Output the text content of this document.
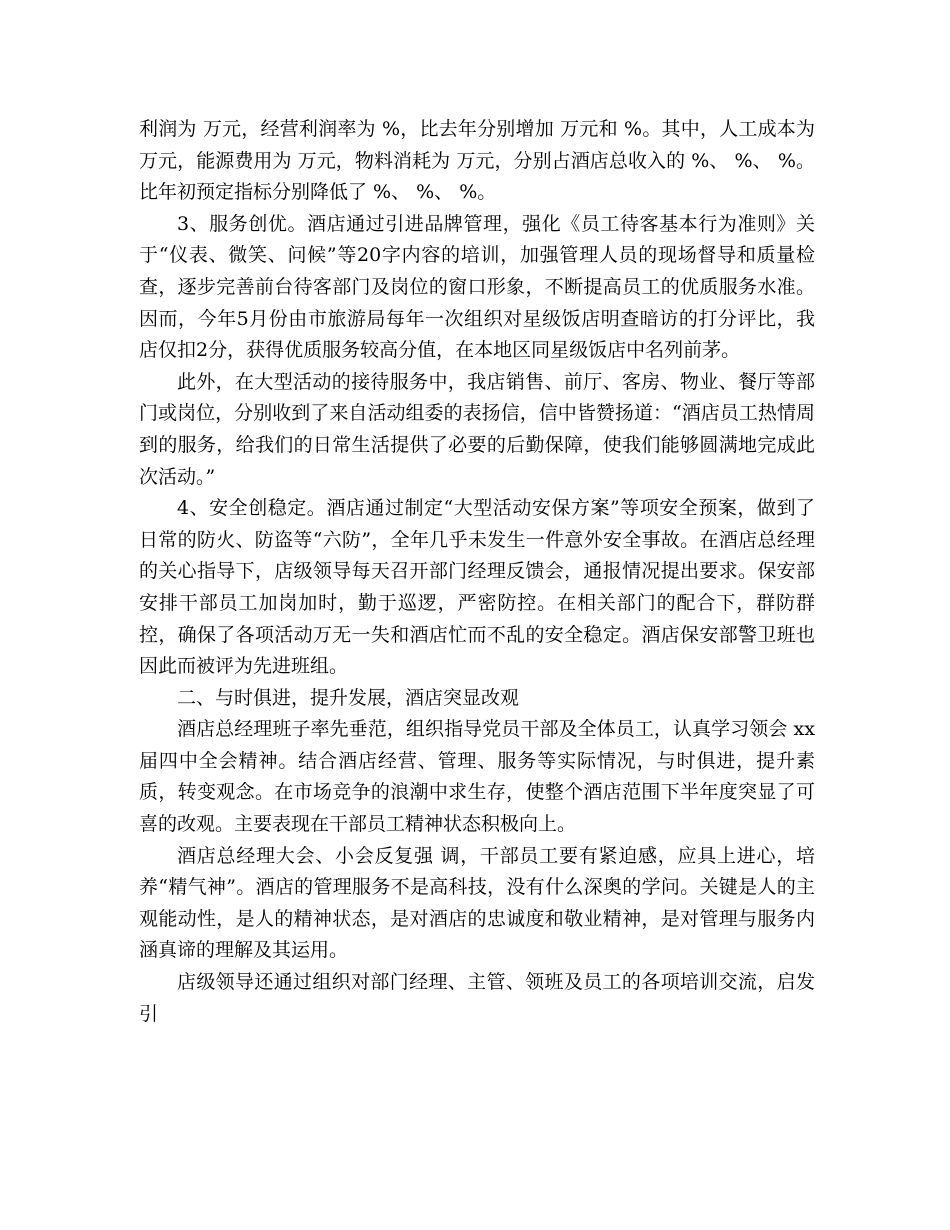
利润为 万元，经营利润率为 %，比去年分别增加 万元和 %。其中，人工成本为万元，能源费用为 万元，物料消耗为 万元，分别占酒店总收入的 %、 %、 %。比年初预定指标分别降低了 %、 %、 %。

3、服务创优。酒店通过引进品牌管理，强化《员工待客基本行为准则》关于“仪表、微笑、问候”等20字内容的培训，加强管理人员的现场督导和质量检查，逐步完善前台待客部门及岗位的窗口形象，不断提高员工的优质服务水准。因而，今年5月份由市旅游局每年一次组织对星级饭店明查暗访的打分评比，我店仅扣2分，获得优质服务较高分值，在本地区同星级饭店中名列前茅。

此外，在大型活动的接待服务中，我店销售、前厅、客房、物业、餐厅等部门或岗位，分别收到了来自活动组委的表扬信，信中皆赞扬道：“酒店员工热情周到的服务，给我们的日常生活提供了必要的后勤保障，使我们能够圆满地完成此次活动。”

4、安全创稳定。酒店通过制定“大型活动安保方案”等项安全预案，做到了日常的防火、防盗等“六防”，全年几乎未发生一件意外安全事故。在酒店总经理的关心指导下，店级领导每天召开部门经理反馈会，通报情况提出要求。保安部安排干部员工加岗加时，勤于巡逻，严密防控。在相关部门的配合下，群防群控，确保了各项活动万无一失和酒店忙而不乱的安全稳定。酒店保安部警卫班也因此而被评为先进班组。

二、与时俱进，提升发展，酒店突显改观

酒店总经理班子率先垂范，组织指导党员干部及全体员工，认真学习领会 xx 届四中全会精神。结合酒店经营、管理、服务等实际情况，与时俱进，提升素质，转变观念。在市场竞争的浪潮中求生存，使整个酒店范围下半年度突显了可喜的改观。主要表现在干部员工精神状态积极向上。

酒店总经理大会、小会反复强 调，干部员工要有紧迫感，应具上进心，培养“精气神”。酒店的管理服务不是高科技，没有什么深奥的学问。关键是人的主观能动性，是人的精神状态，是对酒店的忠诚度和敬业精神，是对管理与服务内涵真谛的理解及其运用。

店级领导还通过组织对部门经理、主管、领班及员工的各项培训交流，启发引
